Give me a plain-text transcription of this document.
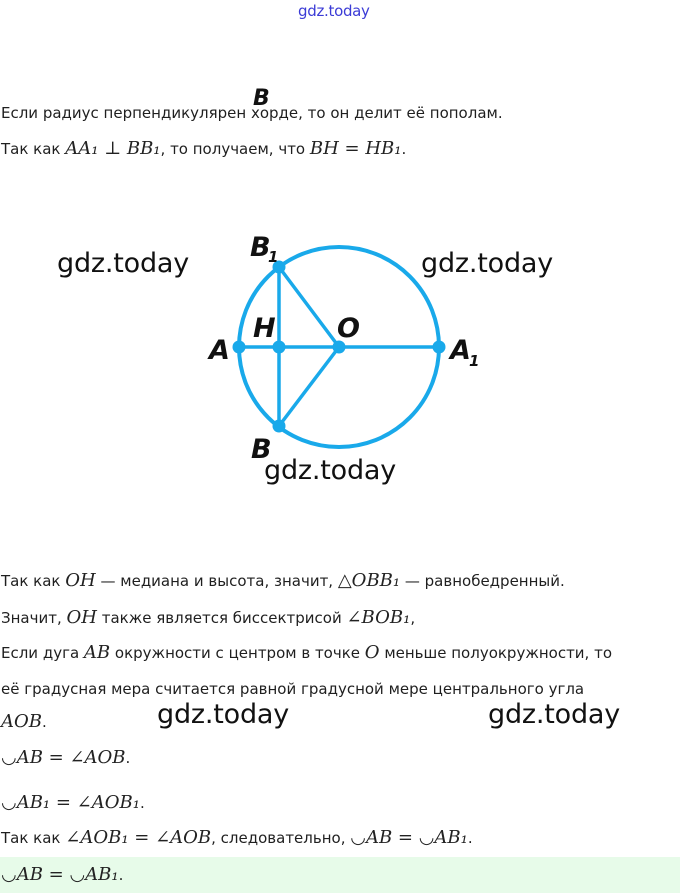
gdz.today
B
Если радиус перпендикулярен хорде, то он делит её пополам.
Так как AA₁ ⊥ BB₁, то получаем, что BH = HB₁.
B
1
H O
A	A
1
B
gdz.today	gdz.today
gdz.today
Так как OH — медиана и высота, значит, △OBB₁ — равнобедренный.
Значит, OH также является биссектрисой ∠BOB₁,
Если дуга AB окружности с центром в точке O меньше полуокружности, то
её градусная мера считается равной градусной мере центрального угла
AOB.	gdz.today	gdz.today
◡AB = ∠AOB.
◡AB₁ = ∠AOB₁.
Так как ∠AOB₁ = ∠AOB, следовательно, ◡AB = ◡AB₁.
◡AB = ◡AB₁.
